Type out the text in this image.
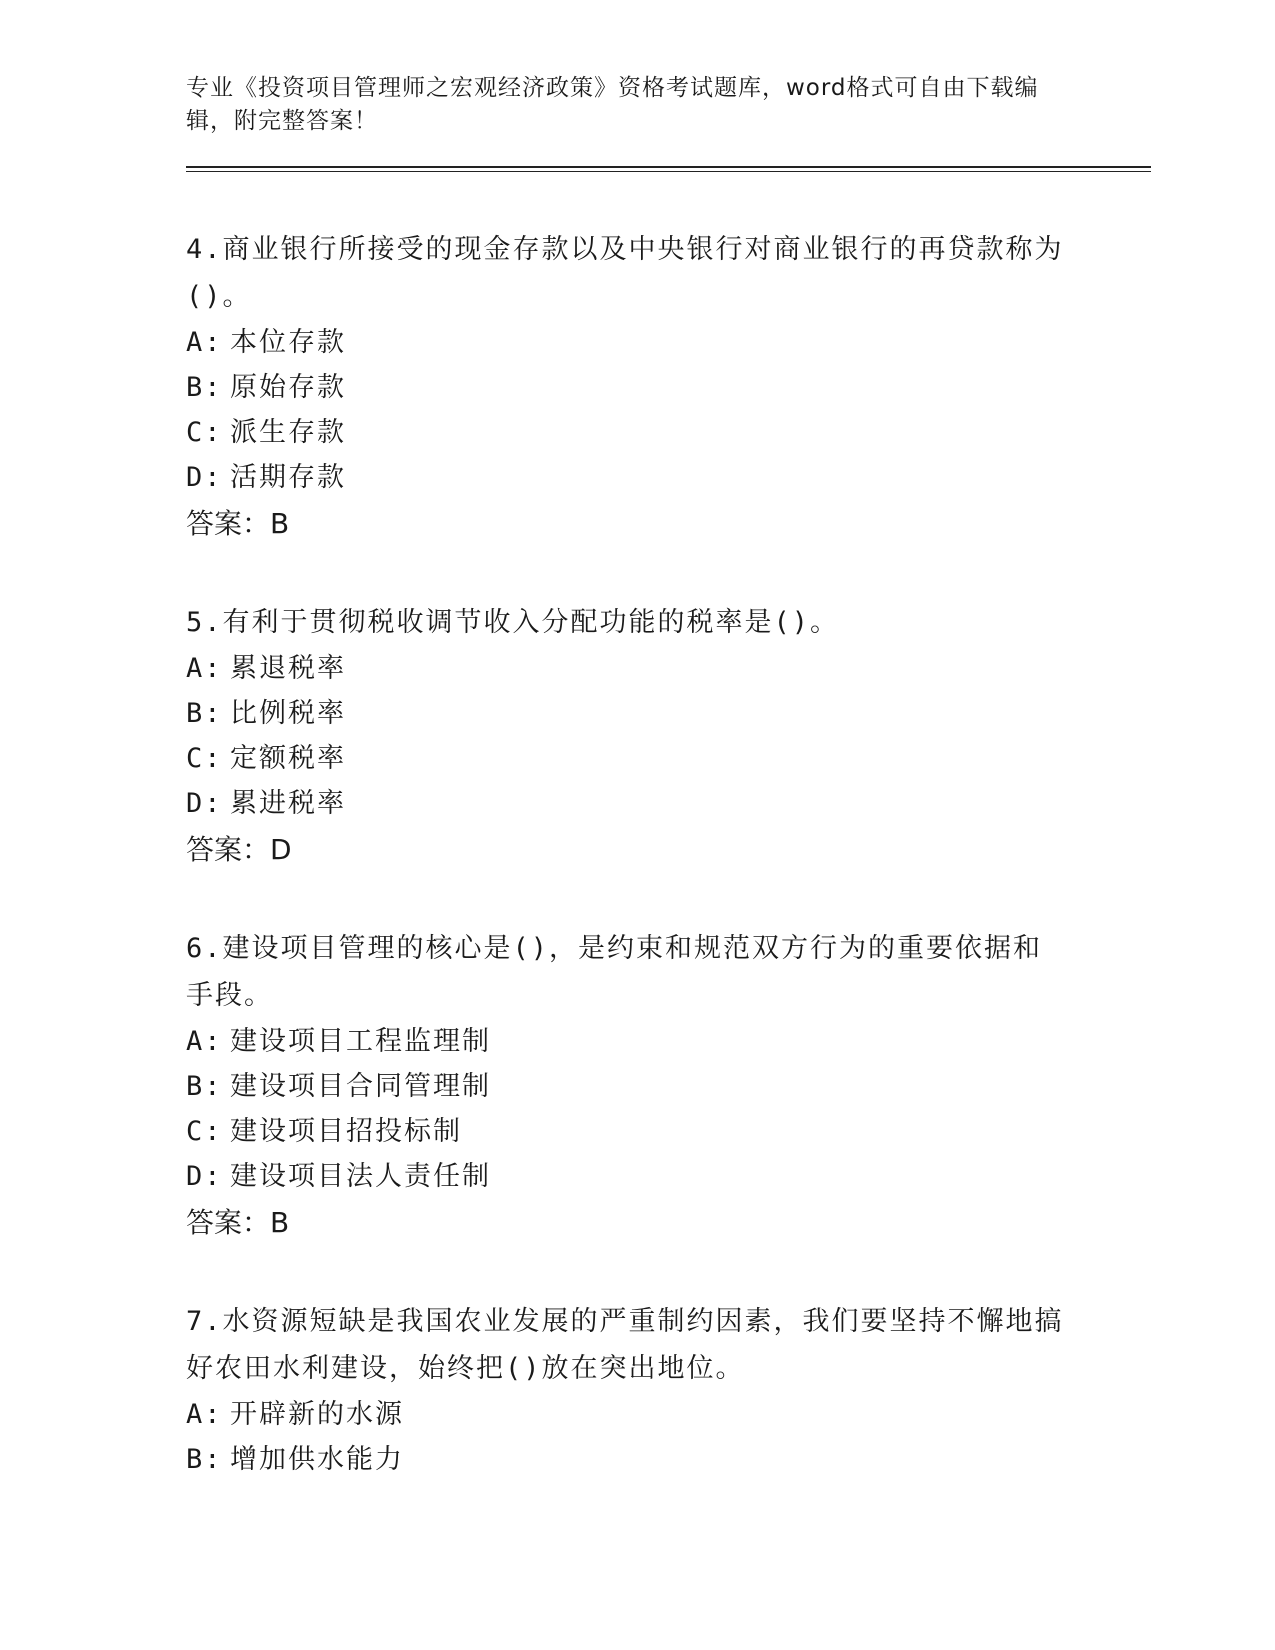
专业《投资项目管理师之宏观经济政策》资格考试题库，word格式可自由下载编辑，附完整答案！
4.商业银行所接受的现金存款以及中央银行对商业银行的再贷款称为()。
A: 本位存款
B: 原始存款
C: 派生存款
D: 活期存款
答案：B
5.有利于贯彻税收调节收入分配功能的税率是()。
A: 累退税率
B: 比例税率
C: 定额税率
D: 累进税率
答案：D
6.建设项目管理的核心是()，是约束和规范双方行为的重要依据和手段。
A: 建设项目工程监理制
B: 建设项目合同管理制
C: 建设项目招投标制
D: 建设项目法人责任制
答案：B
7.水资源短缺是我国农业发展的严重制约因素，我们要坚持不懈地搞好农田水利建设，始终把()放在突出地位。
A: 开辟新的水源
B: 增加供水能力
